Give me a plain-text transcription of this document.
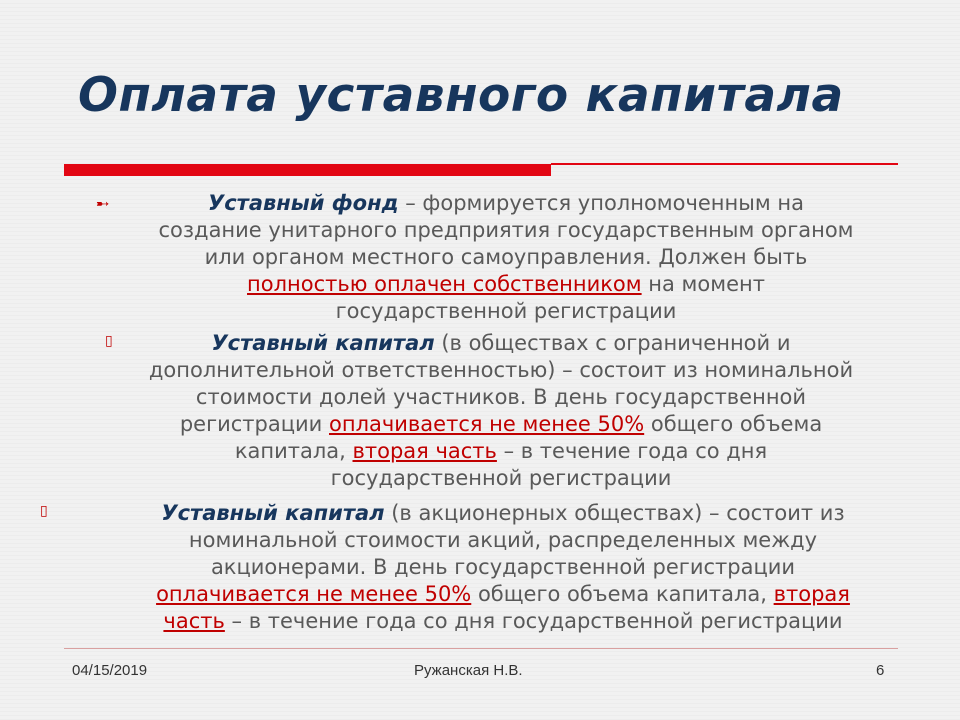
Оплата уставного капитала
➸	Уставный фонд – формируется уполномоченным на
создание унитарного предприятия государственным органом
или органом местного самоуправления. Должен быть
полностью оплачен собственником на момент
государственной регистрации
▯	Уставный капитал (в обществах с ограниченной и
дополнительной ответственностью) – состоит из номинальной
стоимости долей участников. В день государственной
регистрации оплачивается не менее 50% общего объема
капитала, вторая часть – в течение года со дня
государственной регистрации
▯	Уставный капитал (в акционерных обществах) – состоит из
номинальной стоимости акций, распределенных между
акционерами. В день государственной регистрации
оплачивается не менее 50% общего объема капитала, вторая
часть – в течение года со дня государственной регистрации
04/15/2019	Ружанская Н.В.	6
